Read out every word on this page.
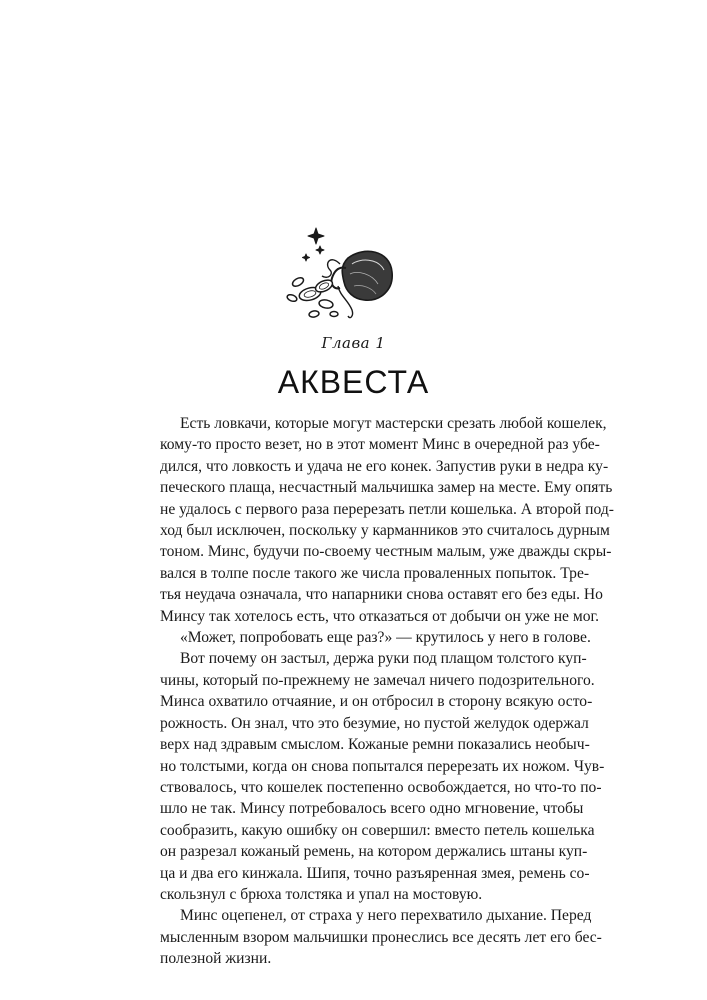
Глава 1
АКВЕСТА
Есть ловкачи, которые могут мастерски срезать любой кошелек,
кому-то просто везет, но в этот момент Минс в очередной раз убе-
дился, что ловкость и удача не его конек. Запустив руки в недра ку-
печеского плаща, несчастный мальчишка замер на месте. Ему опять
не удалось с первого раза перерезать петли кошелька. А второй под-
ход был исключен, поскольку у карманников это считалось дурным
тоном. Минс, будучи по-своему честным малым, уже дважды скры-
вался в толпе после такого же числа проваленных попыток. Тре-
тья неудача означала, что напарники снова оставят его без еды. Но
Минсу так хотелось есть, что отказаться от добычи он уже не мог.
«Может, попробовать еще раз?» — крутилось у него в голове.
Вот почему он застыл, держа руки под плащом толстого куп-
чины, который по-прежнему не замечал ничего подозрительного.
Минса охватило отчаяние, и он отбросил в сторону всякую осто-
рожность. Он знал, что это безумие, но пустой желудок одержал
верх над здравым смыслом. Кожаные ремни показались необыч-
но толстыми, когда он снова попытался перерезать их ножом. Чув-
ствовалось, что кошелек постепенно освобождается, но что-то по-
шло не так. Минсу потребовалось всего одно мгновение, чтобы
сообразить, какую ошибку он совершил: вместо петель кошелька
он разрезал кожаный ремень, на котором держались штаны куп-
ца и два его кинжала. Шипя, точно разъяренная змея, ремень со-
скользнул с брюха толстяка и упал на мостовую.
Минс оцепенел, от страха у него перехватило дыхание. Перед
мысленным взором мальчишки пронеслись все десять лет его бес-
полезной жизни.
